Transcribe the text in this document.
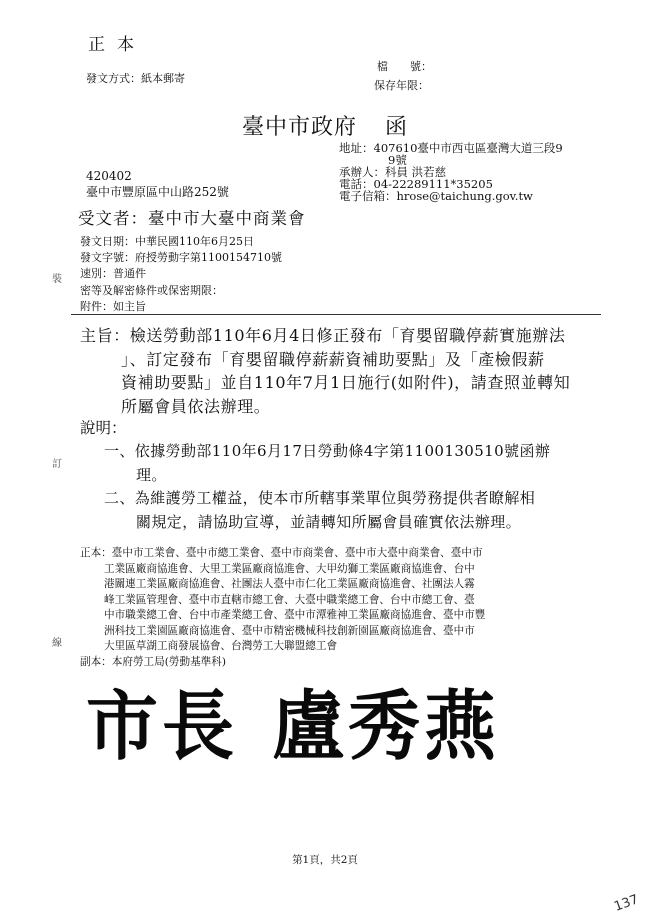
正本
發文方式：紙本郵寄
檔　　號：
保存年限：
臺中市政府 函
地址：407610臺中市西屯區臺灣大道三段9
9號
承辦人：科員 洪若慈
電話：04-22289111*35205
電子信箱：hrose@taichung.gov.tw
420402
臺中市豐原區中山路252號
受文者：臺中市大臺中商業會
發文日期：中華民國110年6月25日
發文字號：府授勞動字第1100154710號
速別：普通件
密等及解密條件或保密期限：
附件：如主旨
主旨：檢送勞動部110年6月4日修正發布「育嬰留職停薪實施辦法
」、訂定發布「育嬰留職停薪薪資補助要點」及「產檢假薪
資補助要點」並自110年7月1日施行(如附件)，請查照並轉知
所屬會員依法辦理。
說明：
一、依據勞動部110年6月17日勞動條4字第1100130510號函辦
理。
二、為維護勞工權益，使本市所轄事業單位與勞務提供者瞭解相
關規定，請協助宣導，並請轉知所屬會員確實依法辦理。
正本：臺中市工業會、臺中市總工業會、臺中市商業會、臺中市大臺中商業會、臺中市
工業區廠商協進會、大里工業區廠商協進會、大甲幼獅工業區廠商協進會、台中
港關連工業區廠商協進會、社團法人臺中市仁化工業區廠商協進會、社團法人霧
峰工業區管理會、臺中市直轄市總工會、大臺中職業總工會、台中市總工會、臺
中市職業總工會、台中市產業總工會、臺中市潭雅神工業區廠商協進會、臺中市豐
洲科技工業園區廠商協進會、臺中市精密機械科技創新園區廠商協進會、臺中市
大里區草湖工商發展協會、台灣勞工大聯盟總工會
副本：本府勞工局(勞動基準科)
裝
訂
線
市長 盧秀燕
第1頁，共2頁
137
